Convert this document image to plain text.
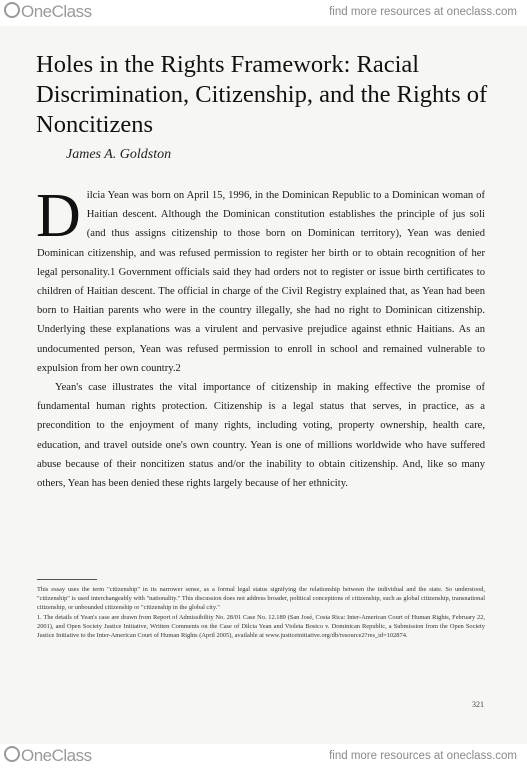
OneClass	find more resources at oneclass.com
Holes in the Rights Framework: Racial Discrimination, Citizenship, and the Rights of Noncitizens
James A. Goldston

Dilcia Yean was born on April 15, 1996, in the Dominican Republic to a Dominican woman of Haitian descent. Although the Dominican constitution establishes the principle of jus soli (and thus assigns citizenship to those born on Dominican territory), Yean was denied Dominican citizenship, and was refused permission to register her birth or to obtain recognition of her legal personality.1 Government officials said they had orders not to register or issue birth certificates to children of Haitian descent. The official in charge of the Civil Registry explained that, as Yean had been born to Haitian parents who were in the country illegally, she had no right to Dominican citizenship. Underlying these explanations was a virulent and pervasive prejudice against ethnic Haitians. As an undocumented person, Yean was refused permission to enroll in school and remained vulnerable to expulsion from her own country.2

Yean's case illustrates the vital importance of citizenship in making effective the promise of fundamental human rights protection. Citizenship is a legal status that serves, in practice, as a precondition to the enjoyment of many rights, including voting, property ownership, health care, education, and travel outside one's own country. Yean is one of millions worldwide who have suffered abuse because of their noncitizen status and/or the inability to obtain citizenship. And, like so many others, Yean has been denied these rights largely because of her ethnicity.

This essay uses the term "citizenship" in its narrower sense, as a formal legal status signifying the relationship between the individual and the state. So understood, "citizenship" is used interchangeably with "nationality." This discussion does not address broader, political conceptions of citizenship, such as global citizenship, transnational citizenship, or unbounded citizenship or "citizenship in the global city."

1. The details of Yean's case are drawn from Report of Admissibility No. 28/01 Case No. 12.189 (San José, Costa Rica: Inter-American Court of Human Rights, February 22, 2001), and Open Society Justice Initiative, Written Comments on the Case of Dilcia Yean and Violeta Bosico v. Dominican Republic, a Submission from the Open Society Justice Initiative to the Inter-American Court of Human Rights (April 2005), available at www.justiceinitiative.org/db/resource2?res_id=102874.

321
OneClass	find more resources at oneclass.com
